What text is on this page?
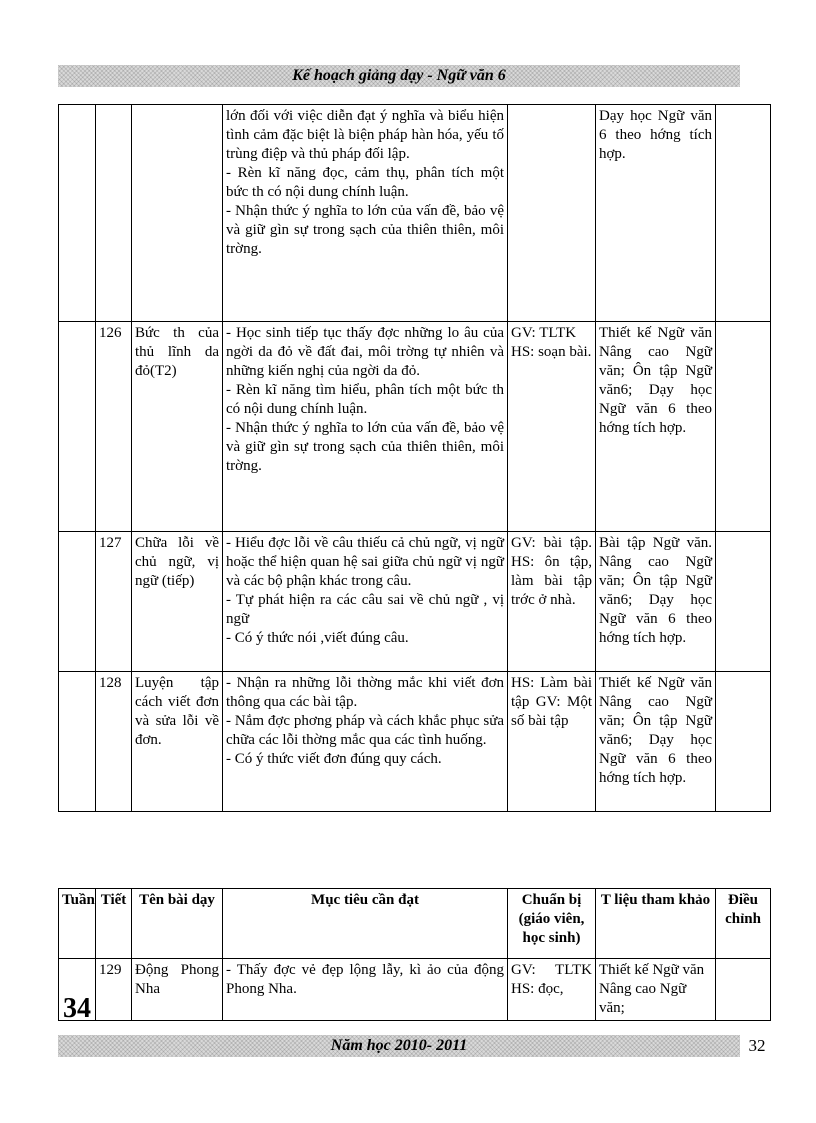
Kế hoạch giảng dạy - Ngữ văn 6

			lớn đối với việc diễn đạt ý nghĩa và biểu hiện tình cảm đặc biệt là biện pháp hàn hóa, yếu tố trùng điệp và thủ pháp đối lập.

- Rèn kĩ năng đọc, cảm thụ, phân tích một bức th có nội dung chính luận.

- Nhận thức ý nghĩa to lớn của vấn đề, bảo vệ và giữ gìn sự trong sạch của thiên thiên, môi trờng.		Dạy học Ngữ văn 6 theo hớng tích hợp.	
	126	Bức th của thủ lĩnh da đỏ(T2)	- Học sinh tiếp tục thấy đợc những lo âu của ngời da đỏ về đất đai, môi trờng tự nhiên và những kiến nghị của ngời da đỏ.

- Rèn kĩ năng tìm hiểu, phân tích một bức th có nội dung chính luận.

- Nhận thức ý nghĩa to lớn của vấn đề, bảo vệ và giữ gìn sự trong sạch của thiên thiên, môi trờng.	GV: TLTK HS: soạn bài.	Thiết kế Ngữ văn Nâng cao Ngữ văn; Ôn tập Ngữ văn6; Dạy học Ngữ văn 6 theo hớng tích hợp.	
	127	Chữa lỗi về chủ ngữ, vị ngữ (tiếp)	- Hiểu đợc lỗi về câu thiếu cả chủ ngữ, vị ngữ hoặc thể hiện quan hệ sai giữa chủ ngữ vị ngữ và các bộ phận khác trong câu.

- Tự phát hiện ra các câu sai về chủ ngữ , vị ngữ

- Có ý thức nói ,viết đúng câu.	GV: bài tập. HS: ôn tập, làm bài tập trớc ở nhà.	Bài tập Ngữ văn. Nâng cao Ngữ văn; Ôn tập Ngữ văn6; Dạy học Ngữ văn 6 theo hớng tích hợp.	
	128	Luyện tập cách viết đơn và sửa lỗi về đơn.	- Nhận ra những lỗi thờng mắc khi viết đơn thông qua các bài tập.

- Nắm đợc phơng pháp và cách khắc phục sửa chữa các lỗi thờng mắc qua các tình huống.

- Có ý thức viết đơn đúng quy cách.	HS: Làm bài tập GV: Một số bài tập	Thiết kế Ngữ văn Nâng cao Ngữ văn; Ôn tập Ngữ văn6; Dạy học Ngữ văn 6 theo hớng tích hợp.	
Tuần	Tiết	Tên bài dạy	Mục tiêu cần đạt	Chuẩn bị (giáo viên, học sinh)	T liệu tham khảo	Điều chỉnh
34	129	Động Phong Nha	- Thấy đợc vẻ đẹp lộng lẫy, kì ảo của động Phong Nha.	GV: TLTK HS: đọc,	Thiết kế Ngữ văn Nâng cao Ngữ văn;	
Năm học 2010- 2011	32
